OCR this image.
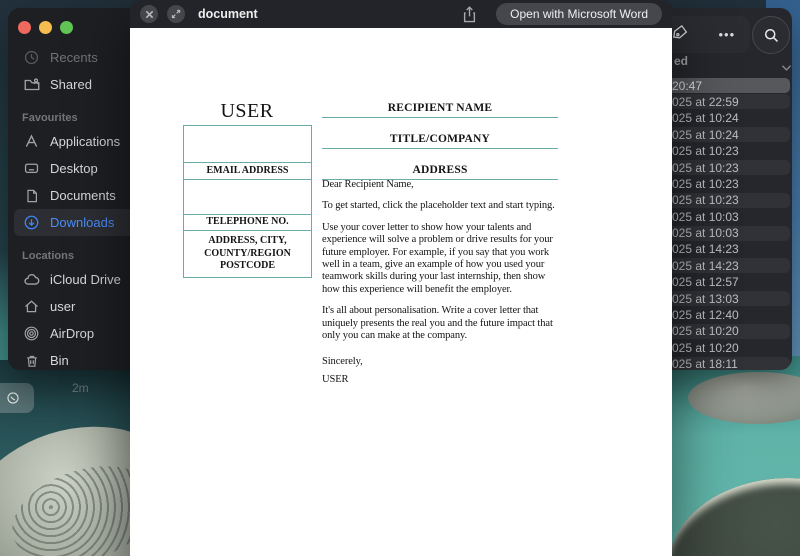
2m
•••
ed
20:47
025 at 22:59
025 at 10:24
025 at 10:24
025 at 10:23
025 at 10:23
025 at 10:23
025 at 10:23
025 at 10:03
025 at 10:03
025 at 14:23
025 at 14:23
025 at 12:57
025 at 13:03
025 at 12:40
025 at 10:20
025 at 10:20
025 at 18:11
Recents
Shared
Favourites
Applications
Desktop
Documents
Downloads
Locations
iCloud Drive
user
AirDrop
Bin
document	Open with Microsoft Word
USER
EMAIL ADDRESS
TELEPHONE NO.
ADDRESS, CITY, COUNTY/REGION POSTCODE
RECIPIENT NAME
TITLE/COMPANY
ADDRESS

Dear Recipient Name,

To get started, click the placeholder text and start typing.

Use your cover letter to show how your talents and experience will solve a problem or drive results for your future employer. For example, if you say that you work well in a team, give an example of how you used your teamwork skills during your last internship, then show how this experience will benefit the employer.

It's all about personalisation. Write a cover letter that uniquely presents the real you and the future impact that only you can make at the company.

Sincerely,

USER
